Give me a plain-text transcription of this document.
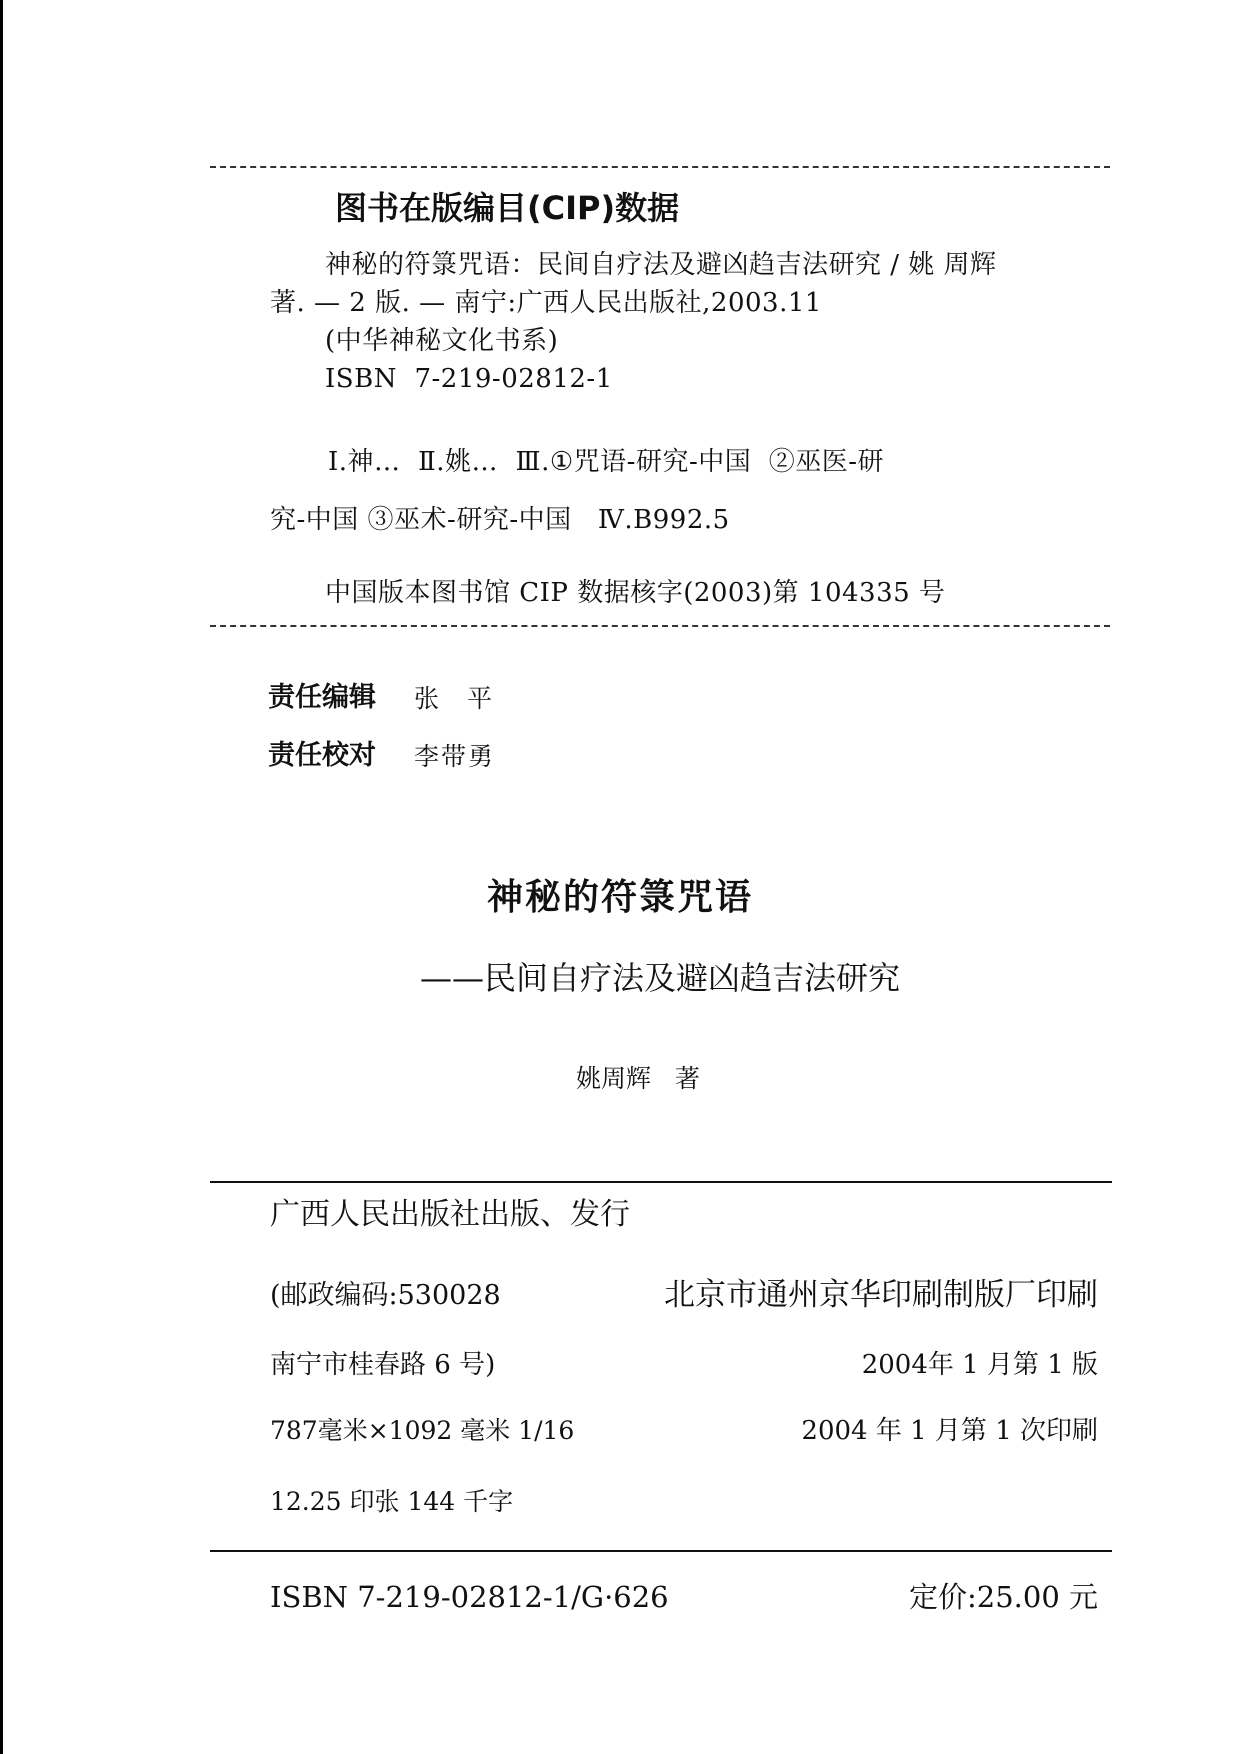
图书在版编目(CIP)数据
神秘的符箓咒语：民间自疗法及避凶趋吉法研究 / 姚 周辉
著. — 2 版. — 南宁:广西人民出版社,2003.11
(中华神秘文化书系)
ISBN  7-219-02812-1
Ⅰ.神…  Ⅱ.姚…  Ⅲ.①咒语-研究-中国  ②巫医-研
究-中国 ③巫术-研究-中国   Ⅳ.B992.5
中国版本图书馆 CIP 数据核字(2003)第 104335 号
责任编辑 张 平
责任校对 李带勇
神秘的符箓咒语
——民间自疗法及避凶趋吉法研究
姚周辉   著
广西人民出版社出版、发行
(邮政编码:530028	北京市通州京华印刷制版厂印刷
南宁市桂春路 6 号)	2004年 1 月第 1 版
787毫米×1092 毫米 1/16	2004 年 1 月第 1 次印刷
12.25 印张 144 千字
ISBN 7-219-02812-1/G·626	定价:25.00 元
